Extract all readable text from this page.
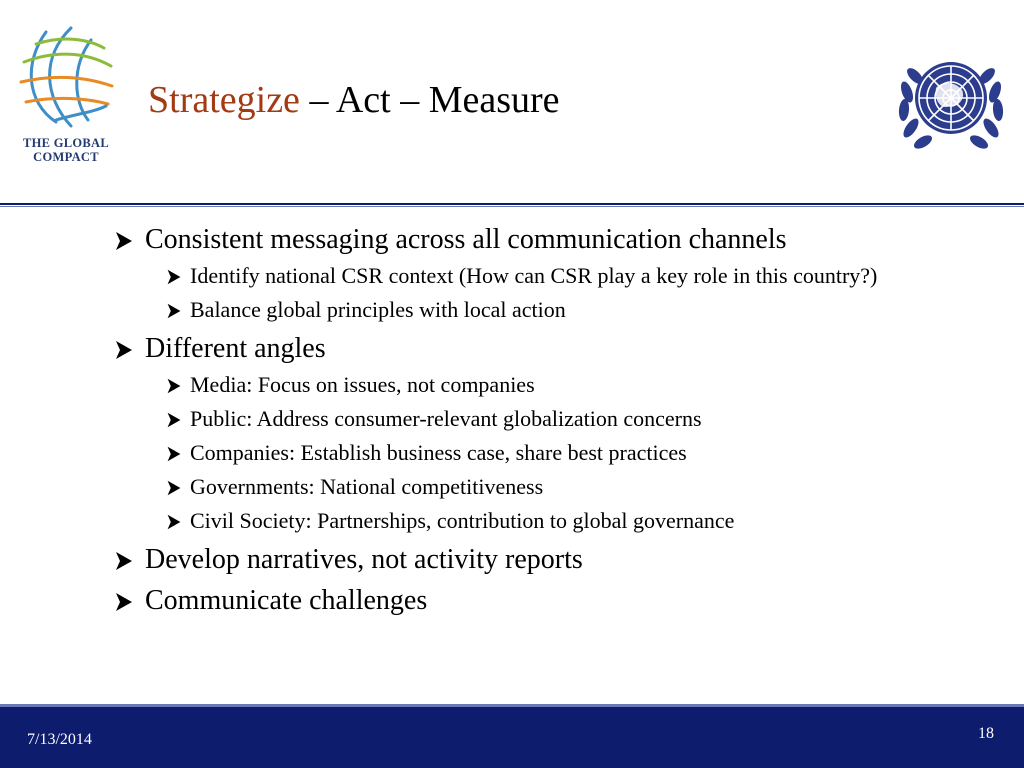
THE GLOBAL
COMPACT
Strategize – Act – Measure
Consistent messaging across all communication channels
Identify national CSR context (How can CSR play a key role in this country?)
Balance global principles with local action
Different angles
Media: Focus on issues, not companies
Public: Address consumer-relevant globalization concerns
Companies: Establish business case, share best practices
Governments: National competitiveness
Civil Society: Partnerships, contribution to global governance
Develop narratives, not activity reports
Communicate challenges
7/13/2014	18
